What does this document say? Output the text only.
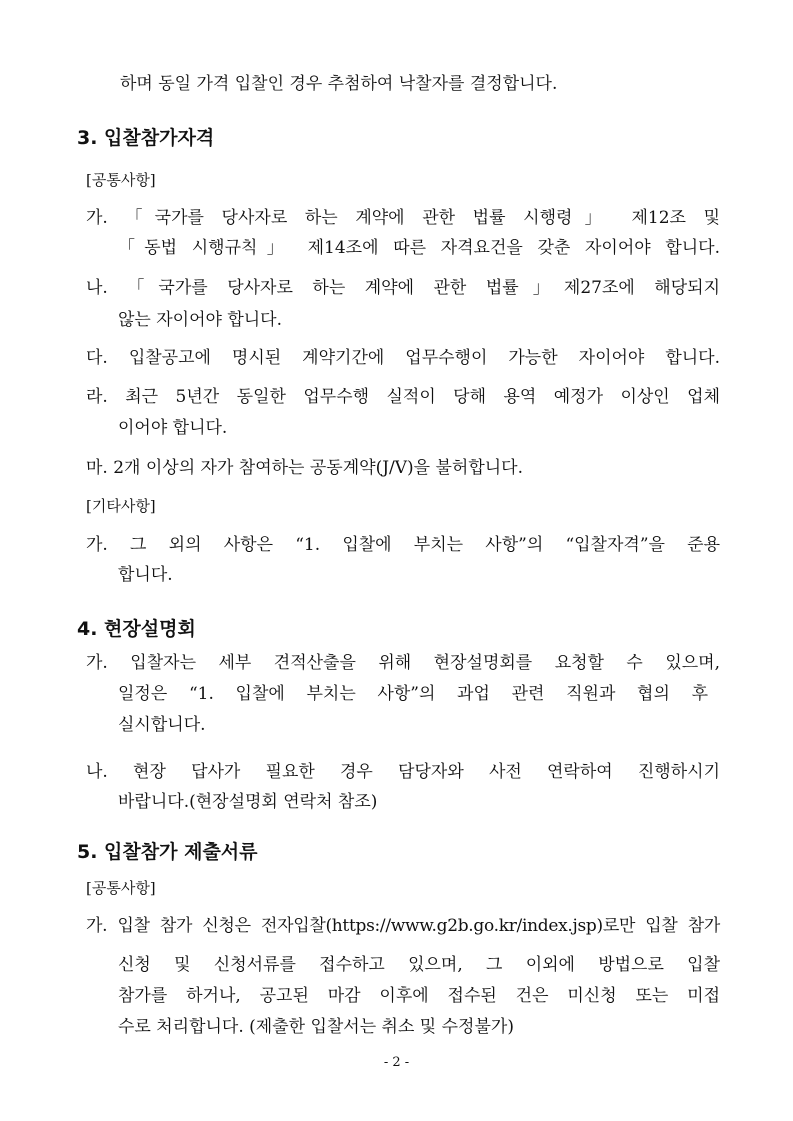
하며 동일 가격 입찰인 경우 추첨하여 낙찰자를 결정합니다.
3. 입찰참가자격
[공통사항]
가. 「국가를 당사자로 하는 계약에 관한 법률 시행령」 제12조 및
「동법 시행규칙」 제14조에 따른 자격요건을 갖춘 자이어야 합니다.
나. 「국가를 당사자로 하는 계약에 관한 법률」제27조에 해당되지
않는 자이어야 합니다.
다. 입찰공고에 명시된 계약기간에 업무수행이 가능한 자이어야 합니다.
라. 최근 5년간 동일한 업무수행 실적이 당해 용역 예정가 이상인 업체
이어야 합니다.
마. 2개 이상의 자가 참여하는 공동계약(J/V)을 불허합니다.
[기타사항]
가. 그 외의 사항은 “1. 입찰에 부치는 사항”의 “입찰자격”을 준용
합니다.
4. 현장설명회
가. 입찰자는 세부 견적산출을 위해 현장설명회를 요청할 수 있으며,
일정은 “1. 입찰에 부치는 사항”의 과업 관련 직원과 협의 후
실시합니다.
나. 현장 답사가 필요한 경우 담당자와 사전 연락하여 진행하시기
바랍니다.(현장설명회 연락처 참조)
5. 입찰참가 제출서류
[공통사항]
가. 입찰 참가 신청은 전자입찰(https://www.g2b.go.kr/index.jsp)로만 입찰 참가
신청 및 신청서류를 접수하고 있으며, 그 이외에 방법으로 입찰
참가를 하거나, 공고된 마감 이후에 접수된 건은 미신청 또는 미접
수로 처리합니다. (제출한 입찰서는 취소 및 수정불가)
- 2 -
